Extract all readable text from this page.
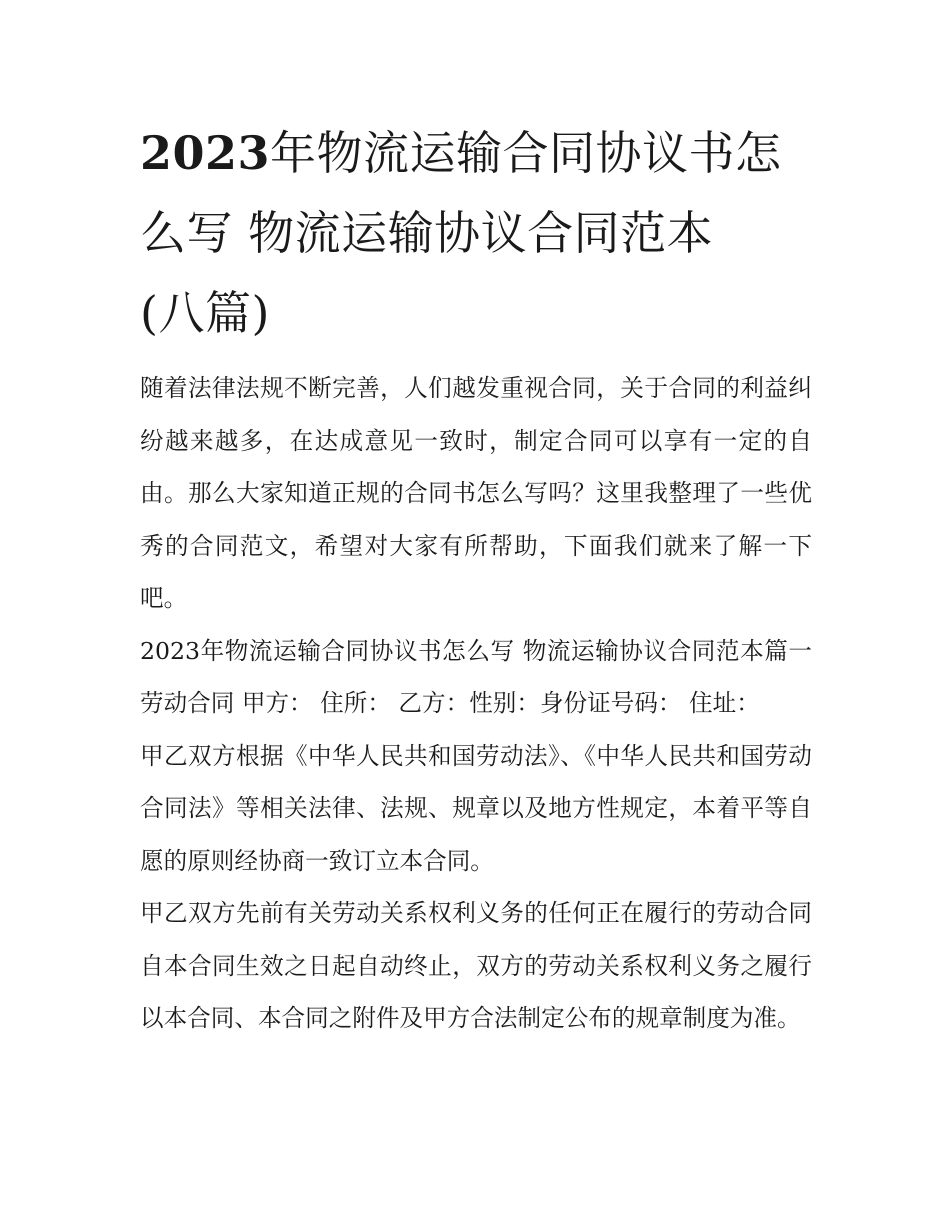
2023年物流运输合同协议书怎
么写 物流运输协议合同范本
(八篇)

随着法律法规不断完善，人们越发重视合同，关于合同的利益纠纷越来越多，在达成意见一致时，制定合同可以享有一定的自由。那么大家知道正规的合同书怎么写吗？这里我整理了一些优秀的合同范文，希望对大家有所帮助，下面我们就来了解一下吧。

2023年物流运输合同协议书怎么写 物流运输协议合同范本篇一 劳动合同 甲方： 住所： 乙方：性别：身份证号码： 住址：

甲乙双方根据《中华人民共和国劳动法》、《中华人民共和国劳动合同法》等相关法律、法规、规章以及地方性规定，本着平等自愿的原则经协商一致订立本合同。

甲乙双方先前有关劳动关系权利义务的任何正在履行的劳动合同自本合同生效之日起自动终止，双方的劳动关系权利义务之履行以本合同、本合同之附件及甲方合法制定公布的规章制度为准。
